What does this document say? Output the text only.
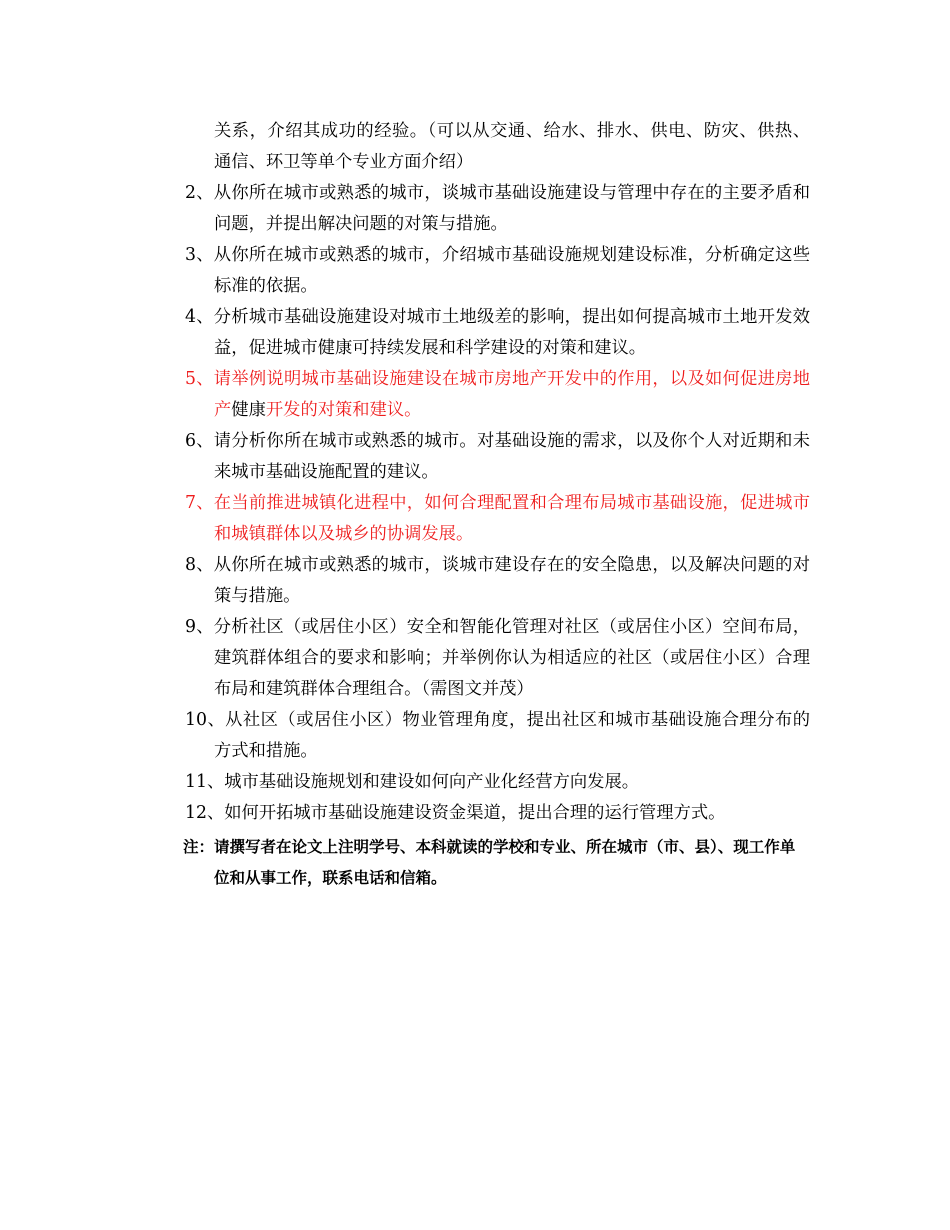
关系，介绍其成功的经验。（可以从交通、给水、排水、供电、防灾、供热、通信、环卫等单个专业方面介绍）
2、从你所在城市或熟悉的城市，谈城市基础设施建设与管理中存在的主要矛盾和问题，并提出解决问题的对策与措施。
3、从你所在城市或熟悉的城市，介绍城市基础设施规划建设标准，分析确定这些标准的依据。
4、分析城市基础设施建设对城市土地级差的影响，提出如何提高城市土地开发效益，促进城市健康可持续发展和科学建设的对策和建议。
5、请举例说明城市基础设施建设在城市房地产开发中的作用，以及如何促进房地产健康开发的对策和建议。
6、请分析你所在城市或熟悉的城市。对基础设施的需求，以及你个人对近期和未来城市基础设施配置的建议。
7、在当前推进城镇化进程中，如何合理配置和合理布局城市基础设施，促进城市和城镇群体以及城乡的协调发展。
8、从你所在城市或熟悉的城市，谈城市建设存在的安全隐患，以及解决问题的对策与措施。
9、分析社区（或居住小区）安全和智能化管理对社区（或居住小区）空间布局，建筑群体组合的要求和影响；并举例你认为相适应的社区（或居住小区）合理布局和建筑群体合理组合。（需图文并茂）
10、从社区（或居住小区）物业管理角度，提出社区和城市基础设施合理分布的方式和措施。
11、城市基础设施规划和建设如何向产业化经营方向发展。
12、如何开拓城市基础设施建设资金渠道，提出合理的运行管理方式。
注：请撰写者在论文上注明学号、本科就读的学校和专业、所在城市（市、县）、现工作单位和从事工作，联系电话和信箱。
